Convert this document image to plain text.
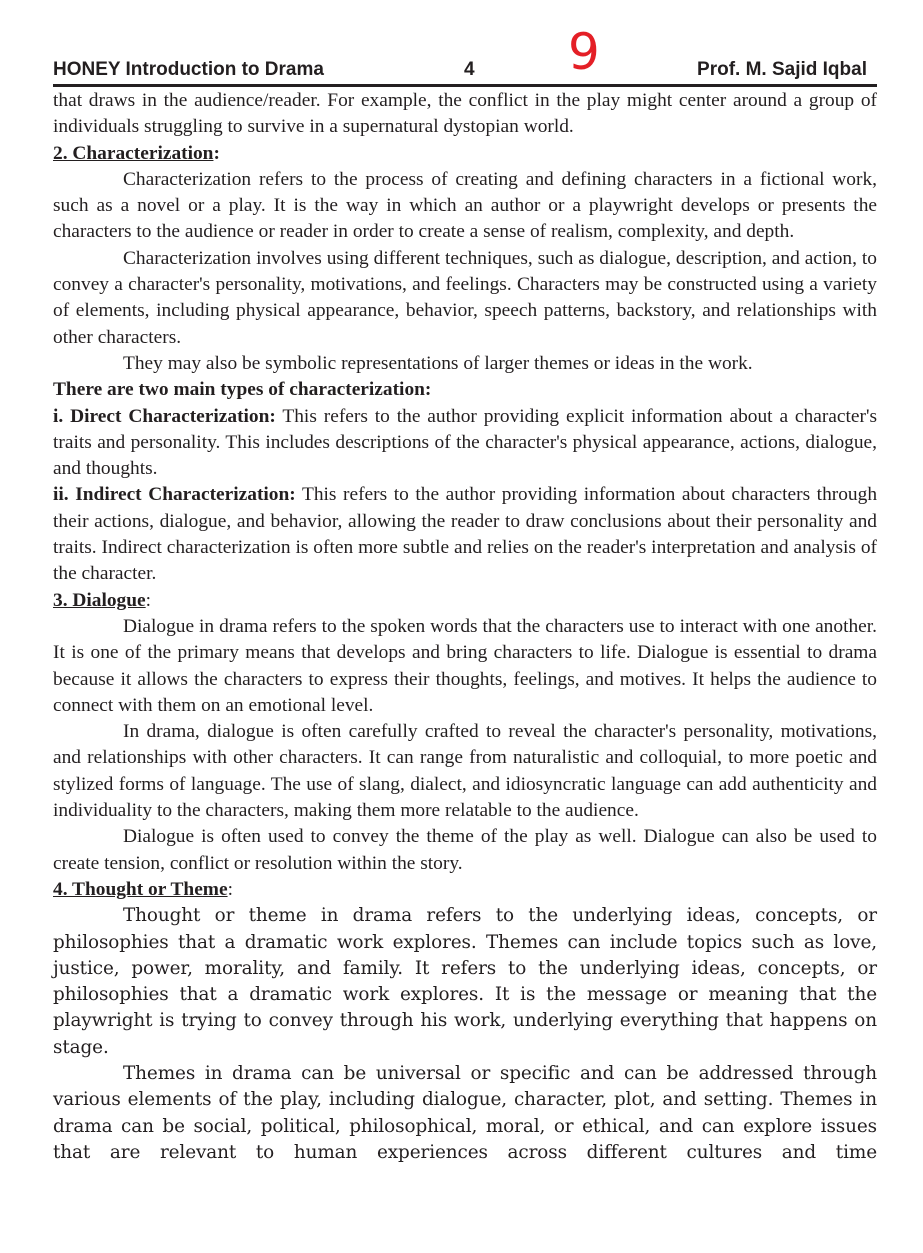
9
HONEY Introduction to Drama	4	Prof. M. Sajid Iqbal

that draws in the audience/reader. For example, the conflict in the play might center around a group of individuals struggling to survive in a supernatural dystopian world.

2. Characterization:

Characterization refers to the process of creating and defining characters in a fictional work, such as a novel or a play. It is the way in which an author or a playwright develops or presents the characters to the audience or reader in order to create a sense of realism, complexity, and depth.

Characterization involves using different techniques, such as dialogue, description, and action, to convey a character's personality, motivations, and feelings. Characters may be constructed using a variety of elements, including physical appearance, behavior, speech patterns, backstory, and relationships with other characters.

They may also be symbolic representations of larger themes or ideas in the work.

There are two main types of characterization:

i. Direct Characterization: This refers to the author providing explicit information about a character's traits and personality. This includes descriptions of the character's physical appearance, actions, dialogue, and thoughts.

ii. Indirect Characterization: This refers to the author providing information about characters through their actions, dialogue, and behavior, allowing the reader to draw conclusions about their personality and traits. Indirect characterization is often more subtle and relies on the reader's interpretation and analysis of the character.

3. Dialogue:

Dialogue in drama refers to the spoken words that the characters use to interact with one another. It is one of the primary means that develops and bring characters to life. Dialogue is essential to drama because it allows the characters to express their thoughts, feelings, and motives. It helps the audience to connect with them on an emotional level.

In drama, dialogue is often carefully crafted to reveal the character's personality, motivations, and relationships with other characters. It can range from naturalistic and colloquial, to more poetic and stylized forms of language. The use of slang, dialect, and idiosyncratic language can add authenticity and individuality to the characters, making them more relatable to the audience.

Dialogue is often used to convey the theme of the play as well. Dialogue can also be used to create tension, conflict or resolution within the story.

4. Thought or Theme:

Thought or theme in drama refers to the underlying ideas, concepts, or philosophies that a dramatic work explores. Themes can include topics such as love, justice, power, morality, and family. It refers to the underlying ideas, concepts, or philosophies that a dramatic work explores. It is the message or meaning that the playwright is trying to convey through his work, underlying everything that happens on stage.

Themes in drama can be universal or specific and can be addressed through various elements of the play, including dialogue, character, plot, and setting. Themes in drama can be social, political, philosophical, moral, or ethical, and can explore issues that are relevant to human experiences across different cultures and time
